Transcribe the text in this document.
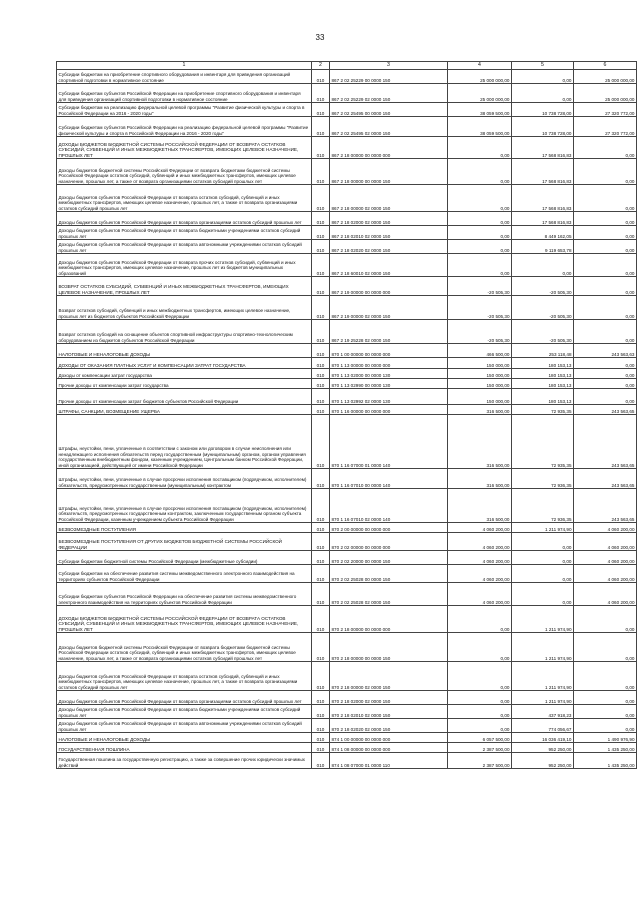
33
1	2	3	4	5	6
Субсидии бюджетам на приобретение спортивного оборудования и инвентаря для приведения организаций спортивной подготовки в нормативное состояние	010	867 2 02 25229 00 0000 150	25 000 000,00	0,00	25 000 000,00
Субсидии бюджетам субъектов Российской Федерации на приобретение спортивного оборудования и инвентаря для приведения организаций спортивной подготовки в нормативное состояние	010	867 2 02 25229 02 0000 150	25 000 000,00	0,00	25 000 000,00
Субсидии бюджетам на реализацию федеральной целевой программы "Развитие физической культуры и спорта в Российской Федерации на 2016 - 2020 годы"	010	867 2 02 25495 00 0000 150	38 059 500,00	10 738 728,00	27 320 772,00
Субсидии бюджетам субъектов Российской Федерации на реализацию федеральной целевой программы "Развитие физической культуры и спорта в Российской Федерации на 2016 - 2020 годы"	010	867 2 02 25495 02 0000 150	38 059 500,00	10 738 728,00	27 320 772,00
ДОХОДЫ БЮДЖЕТОВ БЮДЖЕТНОЙ СИСТЕМЫ РОССИЙСКОЙ ФЕДЕРАЦИИ ОТ ВОЗВРАТА ОСТАТКОВ СУБСИДИЙ, СУБВЕНЦИЙ И ИНЫХ МЕЖБЮДЖЕТНЫХ ТРАНСФЕРТОВ, ИМЕЮЩИХ ЦЕЛЕВОЕ НАЗНАЧЕНИЕ, ПРОШЛЫХ ЛЕТ	010	867 2 18 00000 00 0000 000	0,00	17 568 816,83	0,00
Доходы бюджетов бюджетной системы Российской Федерации от возврата бюджетами бюджетной системы Российской Федерации остатков субсидий, субвенций и иных межбюджетных трансфертов, имеющих целевое назначение, прошлых лет, а также от возврата организациями остатков субсидий прошлых лет	010	867 2 18 00000 00 0000 150	0,00	17 568 816,83	0,00
Доходы бюджетов субъектов Российской Федерации от возврата остатков субсидий, субвенций и иных межбюджетных трансфертов, имеющих целевое назначение, прошлых лет, а также от возврата организациями остатков субсидий прошлых лет	010	867 2 18 00000 02 0000 150	0,00	17 568 816,83	0,00
Доходы бюджетов субъектов Российской Федерации от возврата организациями остатков субсидий прошлых лет	010	867 2 18 02000 02 0000 150	0,00	17 568 816,83	0,00
Доходы бюджетов субъектов Российской Федерации от возврата бюджетными учреждениями остатков субсидий прошлых лет	010	867 2 18 02010 02 0000 150	0,00	8 449 162,05	0,00
Доходы бюджетов субъектов Российской Федерации от возврата автономными учреждениями остатков субсидий прошлых лет	010	867 2 18 02020 02 0000 150	0,00	9 119 653,78	0,00
Доходы бюджетов субъектов Российской Федерации от возврата прочих остатков субсидий, субвенций и иных межбюджетных трансфертов, имеющих целевое назначение, прошлых лет из бюджетов муниципальных образований	010	867 2 18 60010 02 0000 150	0,00	0,00	0,00
ВОЗВРАТ ОСТАТКОВ СУБСИДИЙ, СУБВЕНЦИЙ И ИНЫХ МЕЖБЮДЖЕТНЫХ ТРАНСФЕРТОВ, ИМЕЮЩИХ ЦЕЛЕВОЕ НАЗНАЧЕНИЕ, ПРОШЛЫХ ЛЕТ	010	867 2 19 00000 00 0000 000	-20 505,30	-20 505,30	0,00
Возврат остатков субсидий, субвенций и иных межбюджетных трансфертов, имеющих целевое назначение, прошлых лет из бюджетов субъектов Российской Федерации	010	867 2 19 00000 02 0000 150	-20 505,30	-20 505,30	0,00
Возврат остатков субсидий на оснащение объектов спортивной инфраструктуры спортивно-технологическим оборудованием из бюджетов субъектов Российской Федерации	010	867 2 19 25228 02 0000 150	-20 505,30	-20 505,30	0,00
НАЛОГОВЫЕ И НЕНАЛОГОВЫЕ ДОХОДЫ	010	870 1 00 00000 00 0000 000	466 500,00	253 118,48	243 563,63
ДОХОДЫ ОТ ОКАЗАНИЯ ПЛАТНЫХ УСЛУГ И КОМПЕНСАЦИИ ЗАТРАТ ГОСУДАРСТВА	010	870 1 13 00000 00 0000 000	150 000,00	180 153,13	0,00
Доходы от компенсации затрат государства	010	870 1 13 02000 00 0000 130	150 000,00	180 153,13	0,00
Прочие доходы от компенсации затрат государства	010	870 1 13 02990 00 0000 130	150 000,00	180 153,13	0,00
Прочие доходы от компенсации затрат бюджетов субъектов Российской Федерации	010	870 1 13 02992 02 0000 130	150 000,00	180 153,13	0,00
ШТРАФЫ, САНКЦИИ, ВОЗМЕЩЕНИЕ УЩЕРБА	010	870 1 16 00000 00 0000 000	316 500,00	72 935,35	243 563,65
Штрафы, неустойки, пени, уплаченные в соответствии с законом или договором в случае неисполнения или ненадлежащего исполнения обязательств перед государственным (муниципальным) органом, органом управления государственным внебюджетным фондом, казенным учреждением, Центральным банком Российской Федерации, иной организацией, действующей от имени Российской Федерации	010	870 1 16 07000 01 0000 140	316 500,00	72 935,35	243 563,65
Штрафы, неустойки, пени, уплаченные в случае просрочки исполнения поставщиком (подрядчиком, исполнителем) обязательств, предусмотренных государственным (муниципальным) контрактом	010	870 1 16 07010 00 0000 140	316 500,00	72 936,35	243 563,65
Штрафы, неустойки, пени, уплаченные в случае просрочки исполнения поставщиком (подрядчиком, исполнителем) обязательств, предусмотренных государственным контрактом, заключенным государственным органом субъекта Российской Федерации, казенным учреждением субъекта Российской Федерации	010	870 1 16 07010 02 0000 140	316 500,00	72 936,35	243 563,65
БЕЗВОЗМЕЗДНЫЕ ПОСТУПЛЕНИЯ	010	870 2 00 00000 00 0000 000	4 060 200,00	1 211 974,90	4 060 200,00
БЕЗВОЗМЕЗДНЫЕ ПОСТУПЛЕНИЯ ОТ ДРУГИХ БЮДЖЕТОВ БЮДЖЕТНОЙ СИСТЕМЫ РОССИЙСКОЙ ФЕДЕРАЦИИ	010	870 2 02 00000 00 0000 000	4 060 200,00	0,00	4 060 200,00
Субсидии бюджетам бюджетной системы Российской Федерации (межбюджетные субсидии)	010	870 2 02 20000 00 0000 150	4 060 200,00	0,00	4 060 200,00
Субсидии бюджетам на обеспечение развития системы межведомственного электронного взаимодействия на территориях субъектов Российской Федерации	010	870 2 02 25028 00 0000 150	4 060 200,00	0,00	4 060 200,00
Субсидии бюджетам субъектов Российской Федерации на обеспечение развития системы межведомственного электронного взаимодействия на территориях субъектов Российской Федерации	010	870 2 02 25028 02 0000 150	4 060 200,00	0,00	4 060 200,00
ДОХОДЫ БЮДЖЕТОВ БЮДЖЕТНОЙ СИСТЕМЫ РОССИЙСКОЙ ФЕДЕРАЦИИ ОТ ВОЗВРАТА ОСТАТКОВ СУБСИДИЙ, СУБВЕНЦИЙ И ИНЫХ МЕЖБЮДЖЕТНЫХ ТРАНСФЕРТОВ, ИМЕЮЩИХ ЦЕЛЕВОЕ НАЗНАЧЕНИЕ, ПРОШЛЫХ ЛЕТ	010	870 2 18 00000 00 0000 000	0,00	1 211 974,90	0,00
Доходы бюджетов бюджетной системы Российской Федерации от возврата бюджетами бюджетной системы Российской Федерации остатков субсидий, субвенций и иных межбюджетных трансфертов, имеющих целевое назначение, прошлых лет, а также от возврата организациями остатков субсидий прошлых лет	010	870 2 18 00000 00 0000 150	0,00	1 211 974,90	0,00
Доходы бюджетов субъектов Российской Федерации от возврата остатков субсидий, субвенций и иных межбюджетных трансфертов, имеющих целевое назначение, прошлых лет, а также от возврата организациями остатков субсидий прошлых лет	010	870 2 18 00000 02 0000 150	0,00	1 211 974,90	0,00
Доходы бюджетов субъектов Российской Федерации от возврата организациями остатков субсидий прошлых лет	010	870 2 18 02000 02 0000 150	0,00	1 211 974,90	0,00
Доходы бюджетов субъектов Российской Федерации от возврата бюджетными учреждениями остатков субсидий прошлых лет	010	870 2 18 02010 02 0000 150	0,00	437 918,23	0,00
Доходы бюджетов субъектов Российской Федерации от возврата автономными учреждениями остатков субсидий прошлых лет	010	870 2 18 02020 02 0000 150	0,00	774 056,67	0,00
НАЛОГОВЫЕ И НЕНАЛОГОВЫЕ ДОХОДЫ	010	874 1 00 00000 00 0000 000	6 057 500,00	16 036 419,10	1 490 976,90
ГОСУДАРСТВЕННАЯ ПОШЛИНА	010	874 1 08 00000 00 0000 000	2 387 500,00	952 250,00	1 435 250,00
Государственная пошлина за государственную регистрацию, а также за совершение прочих юридически значимых действий	010	874 1 08 07000 01 0000 110	2 387 500,00	952 250,00	1 435 250,00
